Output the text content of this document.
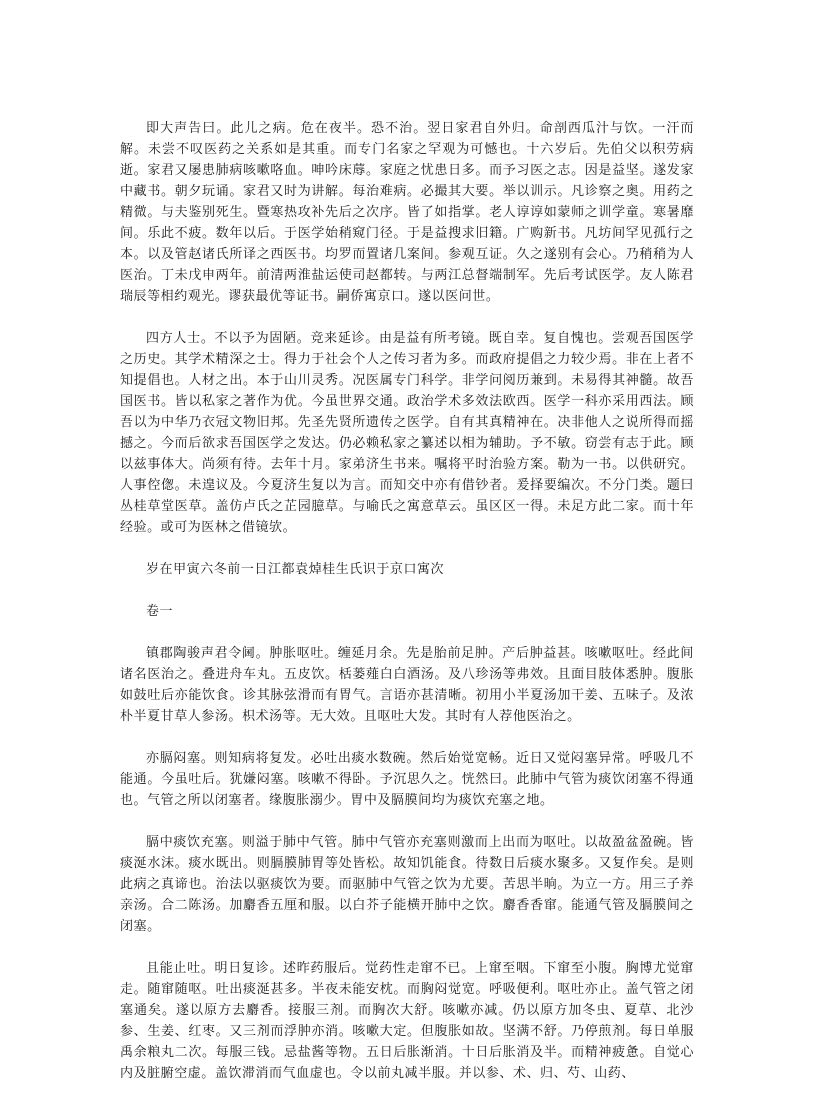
即大声告曰。此儿之病。危在夜半。恐不治。翌日家君自外归。命剖西瓜汁与饮。一汗而解。未尝不叹医药之关系如是其重。而专门名家之罕观为可憾也。十六岁后。先伯父以积劳病逝。家君又屡患肺病咳嗽咯血。呻吟床蓐。家庭之忧患日多。而予习医之志。因是益坚。遂发家中藏书。朝夕玩诵。家君又时为讲解。每治难病。必撮其大要。举以训示。凡诊察之奥。用药之精微。与夫鉴别死生。暨寒热攻补先后之次序。皆了如指掌。老人谆谆如蒙师之训学童。寒暑靡间。乐此不疲。数年以后。于医学始稍窥门径。于是益搜求旧籍。广购新书。凡坊间罕见孤行之本。以及管赵诸氏所译之西医书。均罗而置诸几案间。参观互证。久之遂别有会心。乃稍稍为人医治。丁未戊申两年。前清两淮盐运使司赵都转。与两江总督端制军。先后考试医学。友人陈君瑞辰等相约观光。谬获最优等证书。嗣侨寓京口。遂以医问世。

四方人士。不以予为固陋。竞来延诊。由是益有所考镜。既自幸。复自愧也。尝观吾国医学之历史。其学术精深之士。得力于社会个人之传习者为多。而政府提倡之力较少焉。非在上者不知提倡也。人材之出。本于山川灵秀。况医属专门科学。非学问阅历兼到。未易得其神髓。故吾国医书。皆以私家之著作为优。今虽世界交通。政治学术多效法欧西。医学一科亦采用西法。顾吾以为中华乃衣冠文物旧邦。先圣先贤所遗传之医学。自有其真精神在。决非他人之说所得而摇撼之。今而后欲求吾国医学之发达。仍必赖私家之纂述以相为辅助。予不敏。窃尝有志于此。顾以兹事体大。尚须有待。去年十月。家弟济生书来。嘱将平时治验方案。勒为一书。以供研究。人事倥偬。未遑议及。今夏济生复以为言。而知交中亦有借钞者。爰择要编次。不分门类。题曰丛桂草堂医草。盖仿卢氏之芷园臆草。与喻氏之寓意草云。虽区区一得。未足方此二家。而十年经验。或可为医林之借镜欤。

岁在甲寅六冬前一日江都袁焯桂生氏识于京口寓次

卷一

镇郡陶骏声君令阃。肿胀呕吐。缠延月余。先是胎前足肿。产后肿益甚。咳嗽呕吐。经此间诸名医治之。叠进舟车丸。五皮饮。栝蒌薤白白酒汤。及八珍汤等弗效。且面目肢体悉肿。腹胀如鼓吐后亦能饮食。诊其脉弦滑而有胃气。言语亦甚清晰。初用小半夏汤加干姜、五味子。及浓朴半夏甘草人参汤。枳术汤等。无大效。且呕吐大发。其时有人荐他医治之。

亦膈闷塞。则知病将复发。必吐出痰水数碗。然后始觉宽畅。近日又觉闷塞异常。呼吸几不能通。今虽吐后。犹嫌闷塞。咳嗽不得卧。予沉思久之。恍然曰。此肺中气管为痰饮闭塞不得通也。气管之所以闭塞者。缘腹胀溺少。胃中及膈膜间均为痰饮充塞之地。

膈中痰饮充塞。则溢于肺中气管。肺中气管亦充塞则激而上出而为呕吐。以故盈盆盈碗。皆痰涎水沫。痰水既出。则膈膜肺胃等处皆松。故知饥能食。待数日后痰水聚多。又复作矣。是则此病之真谛也。治法以驱痰饮为要。而驱肺中气管之饮为尤要。苦思半晌。为立一方。用三子养亲汤。合二陈汤。加麝香五厘和服。以白芥子能横开肺中之饮。麝香香窜。能通气管及膈膜间之闭塞。

且能止吐。明日复诊。述昨药服后。觉药性走窜不已。上窜至咽。下窜至小腹。胸博尤觉窜走。随窜随呕。吐出痰涎甚多。半夜未能安枕。而胸闷觉宽。呼吸便利。呕吐亦止。盖气管之闭塞通矣。遂以原方去麝香。接服三剂。而胸次大舒。咳嗽亦减。仍以原方加冬虫、夏草、北沙参、生姜、红枣。又三剂而浮肿亦消。咳嗽大定。但腹胀如故。坚满不舒。乃停煎剂。每日单服禹余粮丸二次。每服三钱。忌盐酱等物。五日后胀渐消。十日后胀消及半。而精神疲惫。自觉心内及脏腑空虚。盖饮滞消而气血虚也。令以前丸减半服。并以参、术、归、芍、山药、
